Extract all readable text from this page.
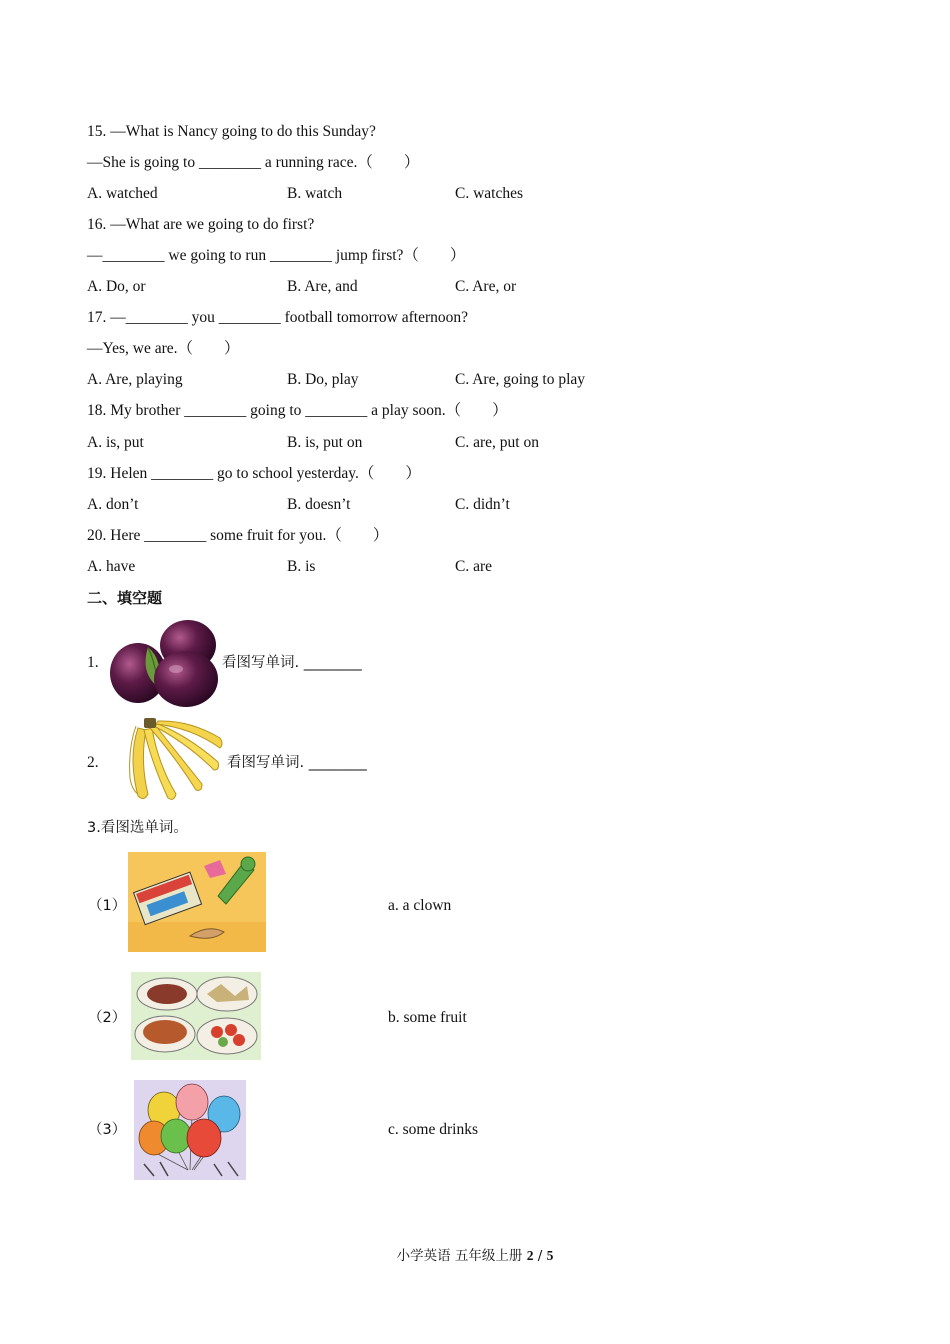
15. —What is Nancy going to do this Sunday?
—She is going to ________ a running race.（　　）
A. watched	B. watch	C. watches
16. —What are we going to do first?
—________ we going to run ________ jump first?（　　）
A. Do, or	B. Are, and	C. Are, or
17. —________ you ________ football tomorrow afternoon?
—Yes, we are.（　　）
A. Are, playing	B. Do, play	C. Are, going to play
18. My brother ________ going to ________ a play soon.（　　）
A. is, put	B. is, put on	C. are, put on
19. Helen ________ go to school yesterday.（　　）
A. don’t	B. doesn’t	C. didn’t
20. Here ________ some fruit for you.（　　）
A. have	B. is	C. are
二、填空题
1.	看图写单词. ________
2.	看图写单词. ________
3.看图选单词。
（1）	a. a clown
（2）	b. some fruit
（3）	c. some drinks
小学英语 五年级上册 2 / 5
